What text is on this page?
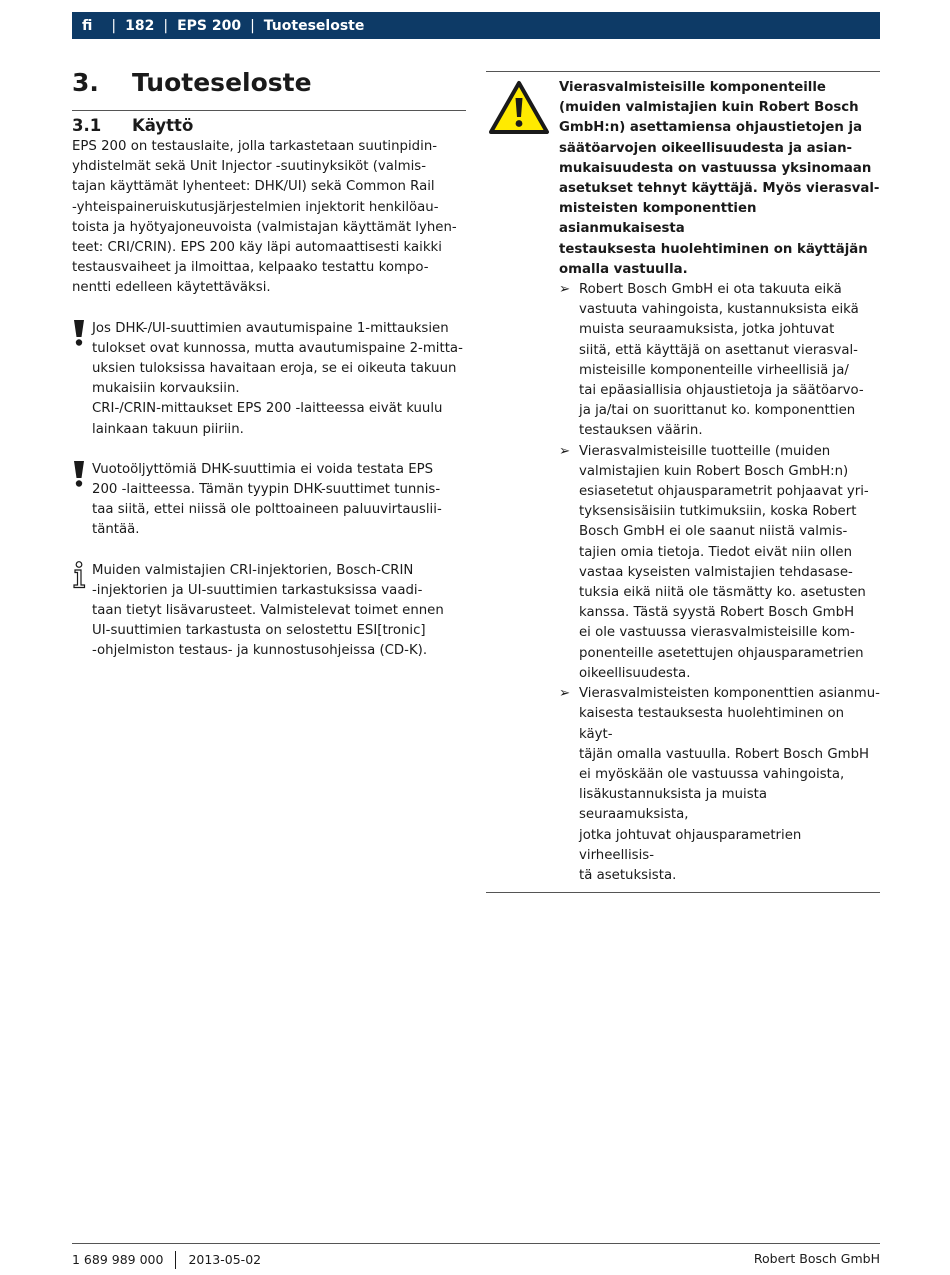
fi | 182 | EPS 200 | Tuoteseloste
3. Tuoteseloste
3.1 Käyttö

EPS 200 on testauslaite, jolla tarkastetaan suutinpidin-
yhdistelmät sekä Unit Injector -suutinyksiköt (valmis-
tajan käyttämät lyhenteet: DHK/UI) sekä Common Rail
-yhteispaineruiskutusjärjestelmien injektorit henkilöau-
toista ja hyötyajoneuvoista (valmistajan käyttämät lyhen-
teet: CRI/CRIN). EPS 200 käy läpi automaattisesti kaikki
testausvaiheet ja ilmoittaa, kelpaako testattu kompo-
nentti edelleen käytettäväksi.

Jos DHK-/UI-suuttimien avautumispaine 1-mittauksien
tulokset ovat kunnossa, mutta avautumispaine 2-mitta-
uksien tuloksissa havaitaan eroja, se ei oikeuta takuun
mukaisiin korvauksiin.
CRI-/CRIN-mittaukset EPS 200 -laitteessa eivät kuulu
lainkaan takuun piiriin.

Vuotoöljyttömiä DHK-suuttimia ei voida testata EPS
200 -laitteessa. Tämän tyypin DHK-suuttimet tunnis-
taa siitä, ettei niissä ole polttoaineen paluuvirtauslii-
täntää.

Muiden valmistajien CRI-injektorien, Bosch-CRIN
-injektorien ja UI-suuttimien tarkastuksissa vaadi-
taan tietyt lisävarusteet. Valmistelevat toimet ennen
UI-suuttimien tarkastusta on selostettu ESI[tronic]
-ohjelmiston testaus- ja kunnostusohjeissa (CD-K).

Vierasvalmisteisille komponenteille
(muiden valmistajien kuin Robert Bosch
GmbH:n) asettamiensa ohjaustietojen ja
säätöarvojen oikeellisuudesta ja asian-
mukaisuudesta on vastuussa yksinomaan
asetukset tehnyt käyttäjä. Myös vierasval-
misteisten komponenttien asianmukaisesta
testauksesta huolehtiminen on käyttäjän
omalla vastuulla.

➢ Robert Bosch GmbH ei ota takuuta eikä
vastuuta vahingoista, kustannuksista eikä
muista seuraamuksista, jotka johtuvat
siitä, että käyttäjä on asettanut vierasval-
misteisille komponenteille virheellisiä ja/
tai epäasiallisia ohjaustietoja ja säätöarvo-
ja ja/tai on suorittanut ko. komponenttien
testauksen väärin.

➢ Vierasvalmisteisille tuotteille (muiden
valmistajien kuin Robert Bosch GmbH:n)
esiasetetut ohjausparametrit pohjaavat yri-
tyksensisäisiin tutkimuksiin, koska Robert
Bosch GmbH ei ole saanut niistä valmis-
tajien omia tietoja. Tiedot eivät niin ollen
vastaa kyseisten valmistajien tehdasase-
tuksia eikä niitä ole täsmätty ko. asetusten
kanssa. Tästä syystä Robert Bosch GmbH
ei ole vastuussa vierasvalmisteisille kom-
ponenteille asetettujen ohjausparametrien
oikeellisuudesta.

➢ Vierasvalmisteisten komponenttien asianmu-
kaisesta testauksesta huolehtiminen on käyt-
täjän omalla vastuulla. Robert Bosch GmbH
ei myöskään ole vastuussa vahingoista,
lisäkustannuksista ja muista seuraamuksista,
jotka johtuvat ohjausparametrien virheellisis-
tä asetuksista.

1 689 989 000 2013-05-02	Robert Bosch GmbH
